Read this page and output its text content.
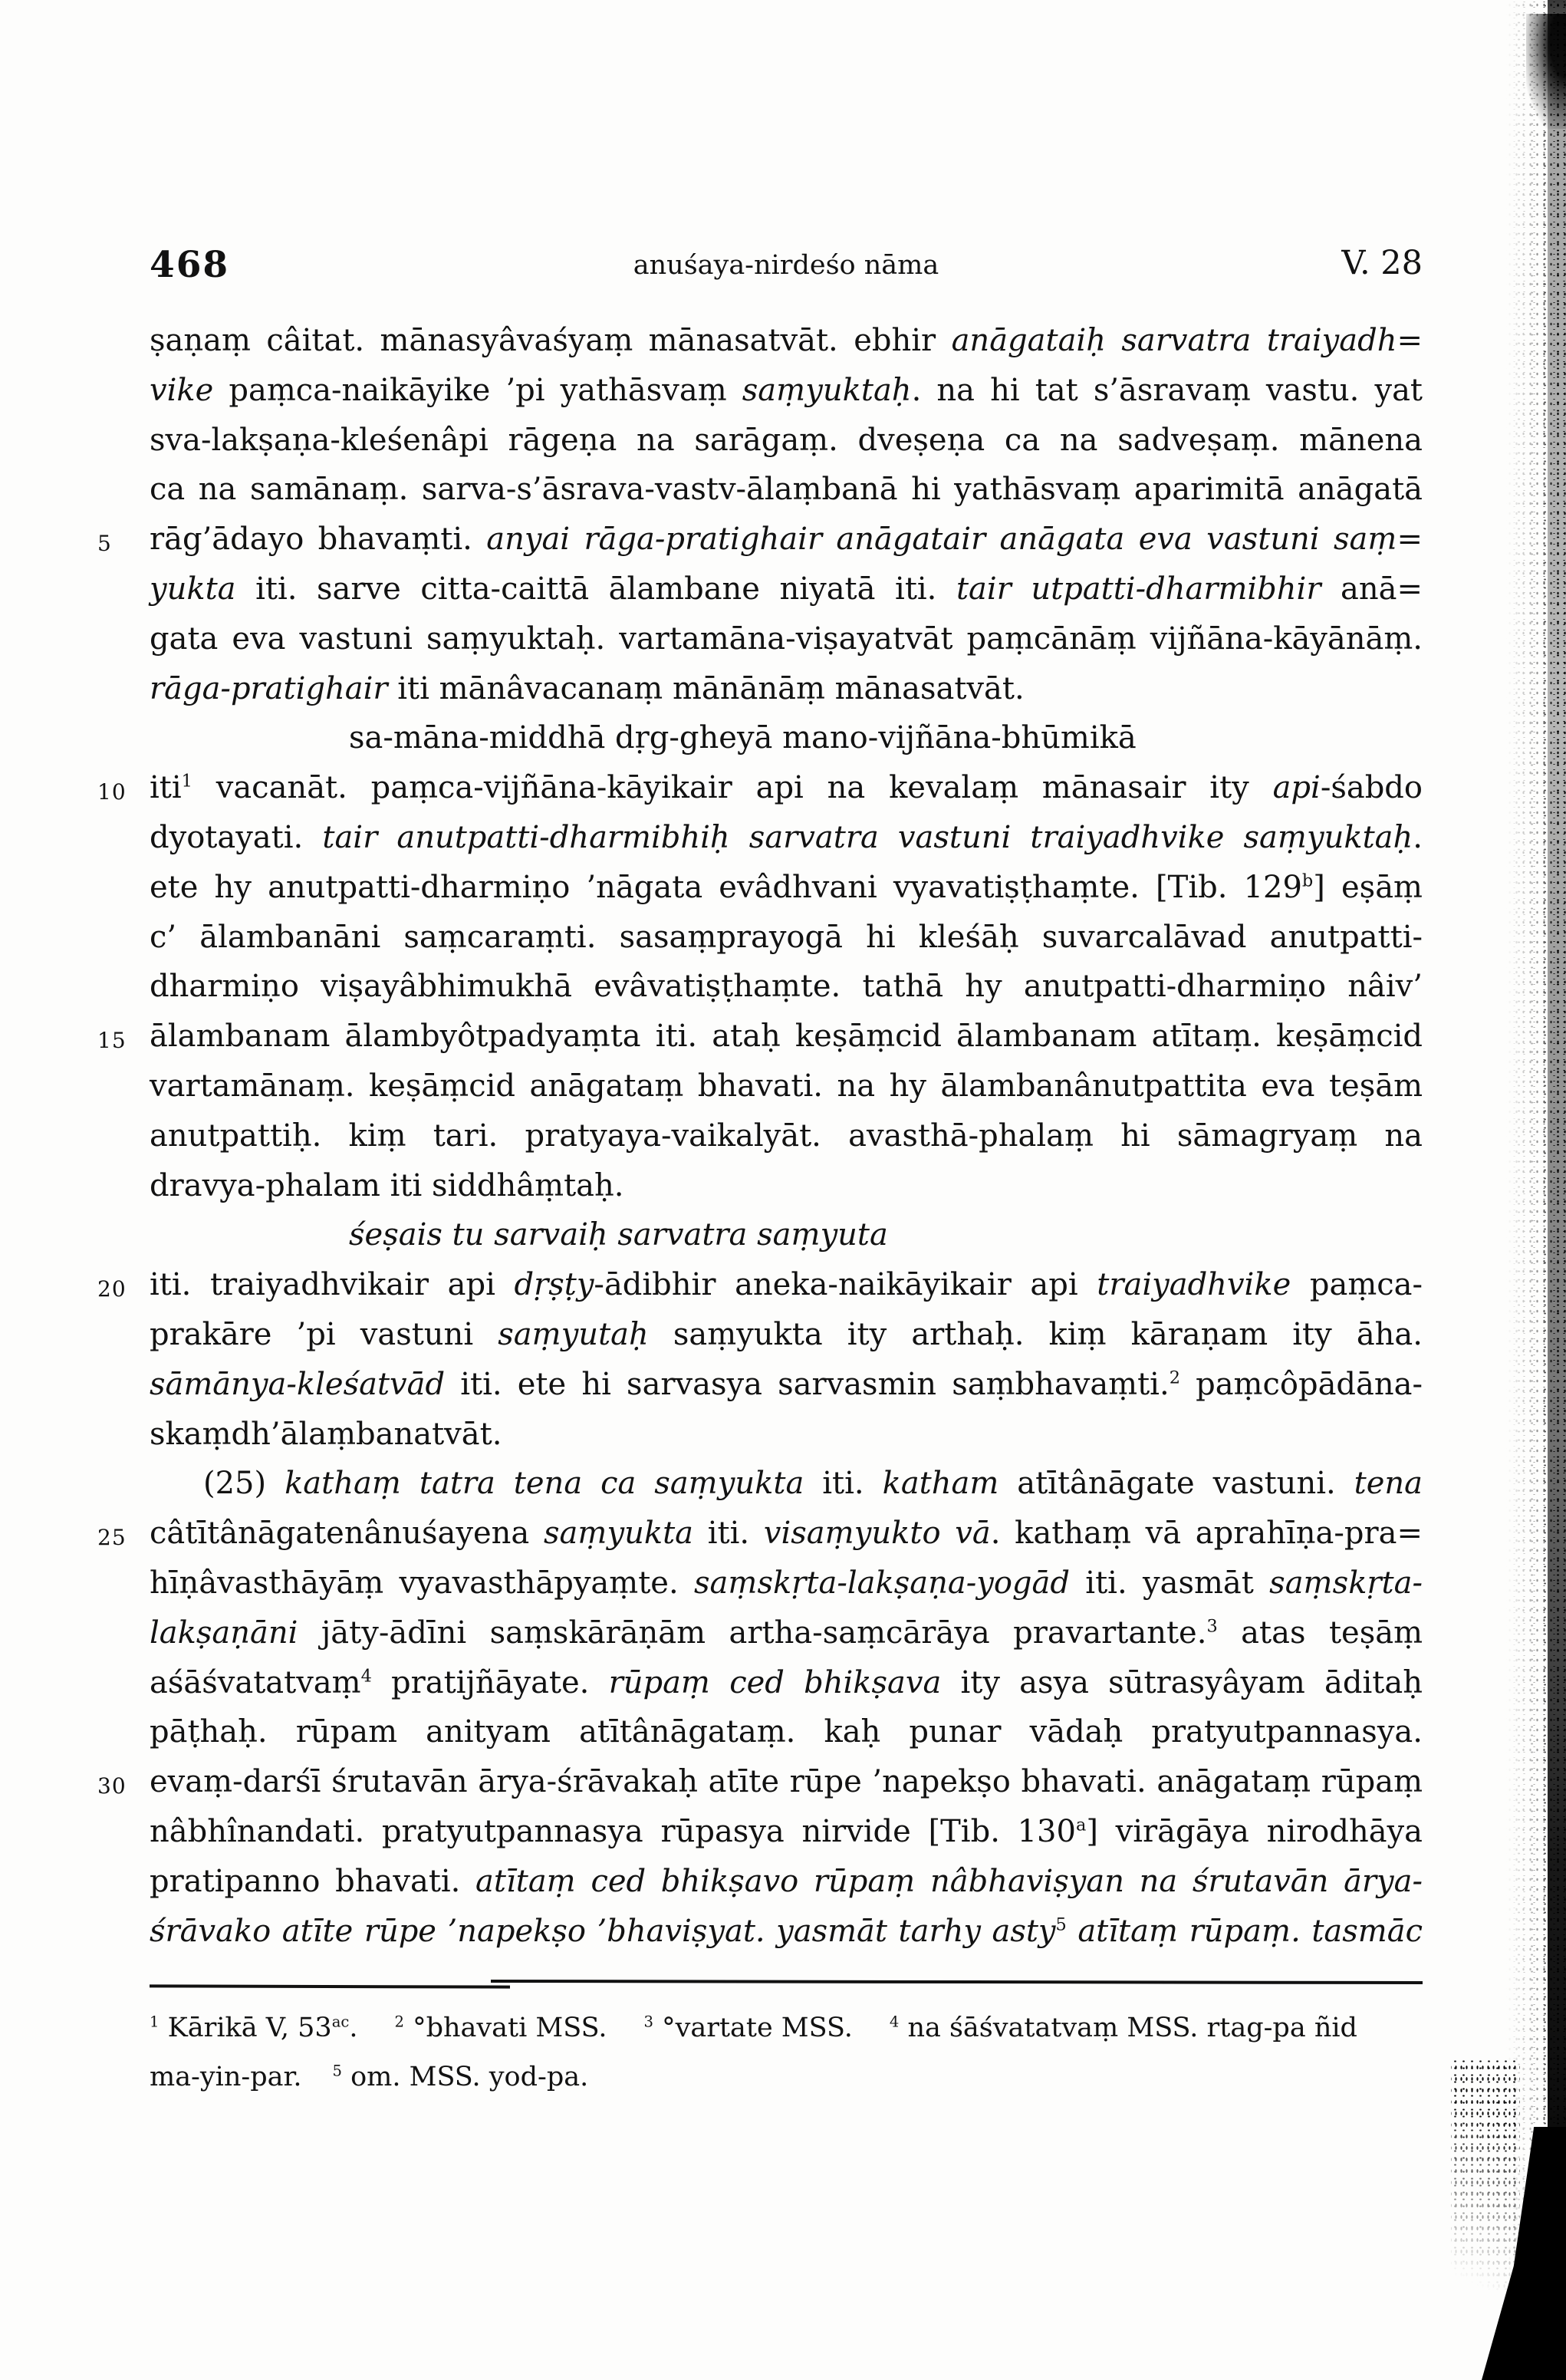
468	anuśaya-nirdeśo nāma	V. 28
ṣaṇaṃ câitat. mānasyâvaśyaṃ mānasatvāt. ebhir anāgataiḥ sarvatra traiyadh=
vike paṃca-naikāyike ’pi yathāsvaṃ saṃyuktaḥ. na hi tat s’āsravaṃ vastu. yat
sva-lakṣaṇa-kleśenâpi rāgeṇa na sarāgaṃ. dveṣeṇa ca na sadveṣaṃ. mānena
ca na samānaṃ. sarva-s’āsrava-vastv-ālaṃbanā hi yathāsvaṃ aparimitā anāgatā
5 rāg’ādayo bhavaṃti. anyai rāga-pratighair anāgatair anāgata eva vastuni saṃ=
yukta iti. sarve citta-caittā ālambane niyatā iti. tair utpatti-dharmibhir anā=
gata eva vastuni saṃyuktaḥ. vartamāna-viṣayatvāt paṃcānāṃ vijñāna-kāyānāṃ.
rāga-pratighair iti mānâvacanaṃ mānānāṃ mānasatvāt.
sa-māna-middhā dṛg-gheyā mano-vijñāna-bhūmikā
10 iti$^1$ vacanāt. paṃca-vijñāna-kāyikair api na kevalaṃ mānasair ity api-śabdo
dyotayati. tair anutpatti-dharmibhiḥ sarvatra vastuni traiyadhvike saṃyuktaḥ.
ete hy anutpatti-dharmiṇo ’nāgata evâdhvani vyavatiṣṭhaṃte. [Tib. 129$^b$] eṣāṃ
c’ ālambanāni saṃcaraṃti. sasaṃprayogā hi kleśāḥ suvarcalāvad anutpatti-
dharmiṇo viṣayâbhimukhā evâvatiṣṭhaṃte. tathā hy anutpatti-dharmiṇo nâiv’
15 ālambanam ālambyôtpadyaṃta iti. ataḥ keṣāṃcid ālambanam atītaṃ. keṣāṃcid
vartamānaṃ. keṣāṃcid anāgataṃ bhavati. na hy ālambanânutpattita eva teṣām
anutpattiḥ. kiṃ tari. pratyaya-vaikalyāt. avasthā-phalaṃ hi sāmagryaṃ na
dravya-phalam iti siddhâṃtaḥ.
śeṣais tu sarvaiḥ sarvatra saṃyuta
20 iti. traiyadhvikair api dṛṣṭy-ādibhir aneka-naikāyikair api traiyadhvike paṃca-
prakāre ’pi vastuni saṃyutaḥ saṃyukta ity arthaḥ. kiṃ kāraṇam ity āha.
sāmānya-kleśatvād iti. ete hi sarvasya sarvasmin saṃbhavaṃti.$^2$ paṃcôpādāna-
skaṃdh’ālaṃbanatvāt.
(25) kathaṃ tatra tena ca saṃyukta iti. katham atītânāgate vastuni. tena
25 câtītânāgatenânuśayena saṃyukta iti. visaṃyukto vā. kathaṃ vā aprahīṇa-pra=
hīṇâvasthāyāṃ vyavasthāpyaṃte. saṃskṛta-lakṣaṇa-yogād iti. yasmāt saṃskṛta-
lakṣaṇāni jāty-ādīni saṃskārāṇām artha-saṃcārāya pravartante.$^3$ atas teṣāṃ
aśāśvatatvaṃ$^4$ pratijñāyate. rūpaṃ ced bhikṣava ity asya sūtrasyâyam āditaḥ
pāṭhaḥ. rūpam anityam atītânāgataṃ. kaḥ punar vādaḥ pratyutpannasya.
30 evaṃ-darśī śrutavān ārya-śrāvakaḥ atīte rūpe ’napekṣo bhavati. anāgataṃ rūpaṃ
nâbhînandati. pratyutpannasya rūpasya nirvide [Tib. 130$^a$] virāgāya nirodhāya
pratipanno bhavati. atītaṃ ced bhikṣavo rūpaṃ nâbhaviṣyan na śrutavān ārya-
śrāvako atīte rūpe ’napekṣo ’bhaviṣyat. yasmāt tarhy asty$^5$ atītaṃ rūpaṃ. tasmāc
$^1$ Kārikā V, $53^{ac}$. $^2$ °bhavati MSS. $^3$ °vartate MSS. $^4$ na śāśvatatvaṃ MSS. rtag-pa ñid
ma-yin-par. $^5$ om. MSS. yod-pa.
